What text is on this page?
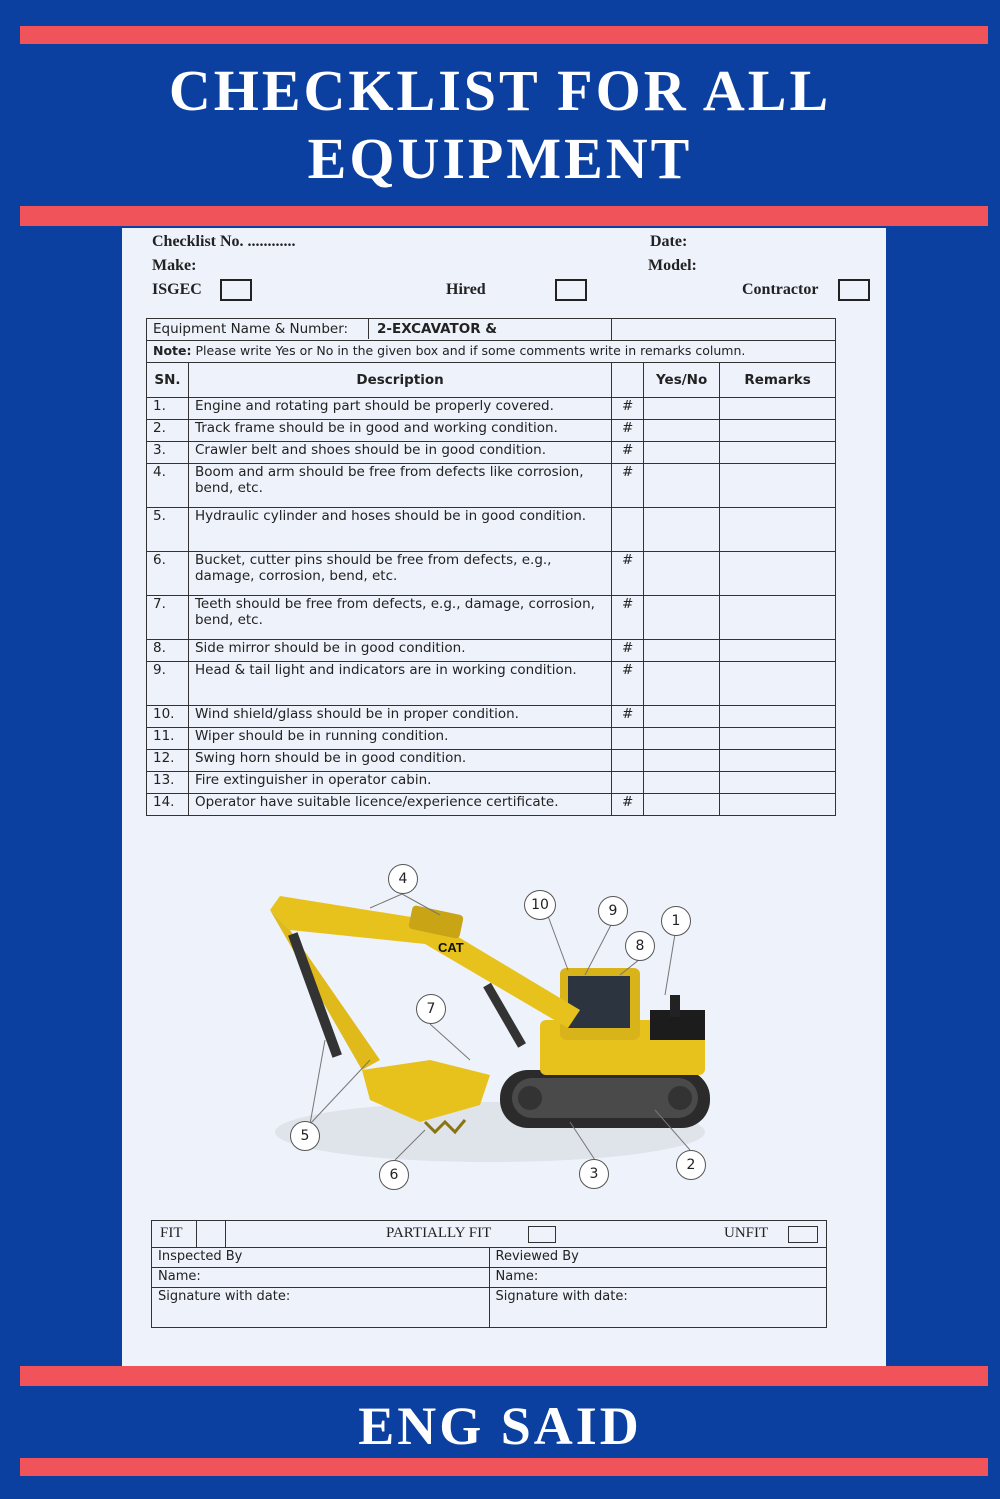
CHECKLIST FOR ALL
EQUIPMENT
ENG SAID
Checklist No. ............	Date:
Make:	Model:
ISGEC	Hired	Contractor
Equipment Name & Number: 2-EXCAVATOR &				
Note: Please write Yes or No in the given box and if some comments write in remarks column.				
SN.	Description		Yes/No	Remarks
1.	Engine and rotating part should be properly covered.	#		
2.	Track frame should be in good and working condition.	#		
3.	Crawler belt and shoes should be in good condition.	#		
4.	Boom and arm should be free from defects like corrosion, bend, etc.	#		
5.	Hydraulic cylinder and hoses should be in good condition.			
6.	Bucket, cutter pins should be free from defects, e.g., damage, corrosion, bend, etc.	#		
7.	Teeth should be free from defects, e.g., damage, corrosion, bend, etc.	#		
8.	Side mirror should be in good condition.	#		
9.	Head & tail light and indicators are in working condition.	#		
10.	Wind shield/glass should be in proper condition.	#		
11.	Wiper should be in running condition.			
12.	Swing horn should be in good condition.			
13.	Fire extinguisher in operator cabin.			
14.	Operator have suitable licence/experience certificate.	#		
CAT
1
2
3
4
5
6
7
8
9
10
FIT PARTIALLY FIT UNFIT	

Inspected By	Reviewed By
Name:	Name:
Signature with date:	Signature with date:
